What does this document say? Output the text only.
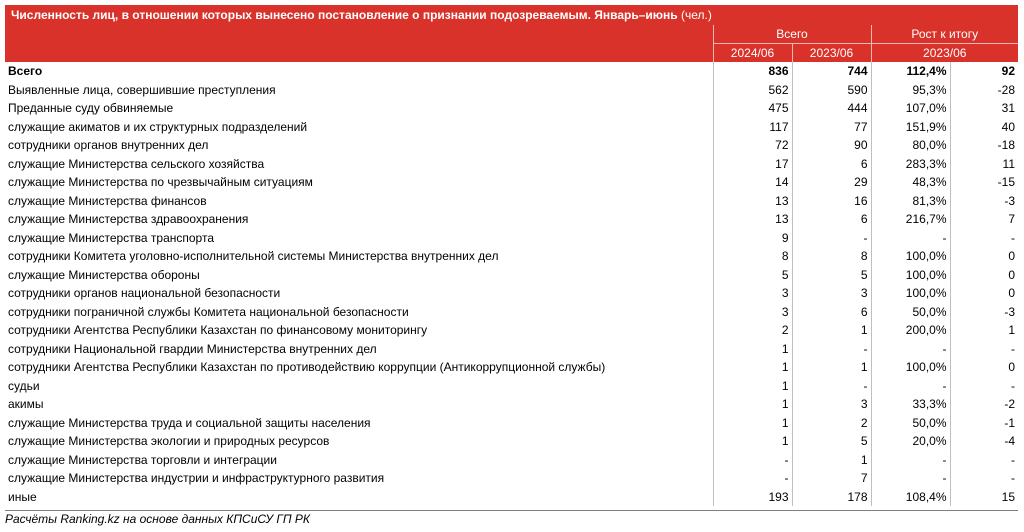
Численность лиц, в отношении которых вынесено постановление о признании подозреваемым. Январь–июнь (чел.)
	Всего		Рост к итогу	
	2024/06	2023/06	2023/06	
Всего	836	744	112,4%	92
Выявленные лица, совершившие преступления	562	590	95,3%	-28
Преданные суду обвиняемые	475	444	107,0%	31
служащие акиматов и их структурных подразделений	117	77	151,9%	40
сотрудники органов внутренних дел	72	90	80,0%	-18
служащие Министерства сельского хозяйства	17	6	283,3%	11
служащие Министерства по чрезвычайным ситуациям	14	29	48,3%	-15
служащие Министерства финансов	13	16	81,3%	-3
служащие Министерства здравоохранения	13	6	216,7%	7
служащие Министерства транспорта	9	-	-	-
сотрудники Комитета уголовно-исполнительной системы Министерства внутренних дел	8	8	100,0%	0
служащие Министерства обороны	5	5	100,0%	0
сотрудники органов национальной безопасности	3	3	100,0%	0
сотрудники пограничной службы Комитета национальной безопасности	3	6	50,0%	-3
сотрудники Агентства Республики Казахстан по финансовому мониторингу	2	1	200,0%	1
сотрудники Национальной гвардии Министерства внутренних дел	1	-	-	-
сотрудники Агентства Республики Казахстан по противодействию коррупции (Антикоррупционной службы)	1	1	100,0%	0
судьи	1	-	-	-
акимы	1	3	33,3%	-2
служащие Министерства труда и социальной защиты населения	1	2	50,0%	-1
служащие Министерства экологии и природных ресурсов	1	5	20,0%	-4
служащие Министерства торговли и интеграции	-	1	-	-
служащие Министерства индустрии и инфраструктурного развития	-	7	-	-
иные	193	178	108,4%	15
Расчёты Ranking.kz на основе данных КПСиСУ ГП РК
